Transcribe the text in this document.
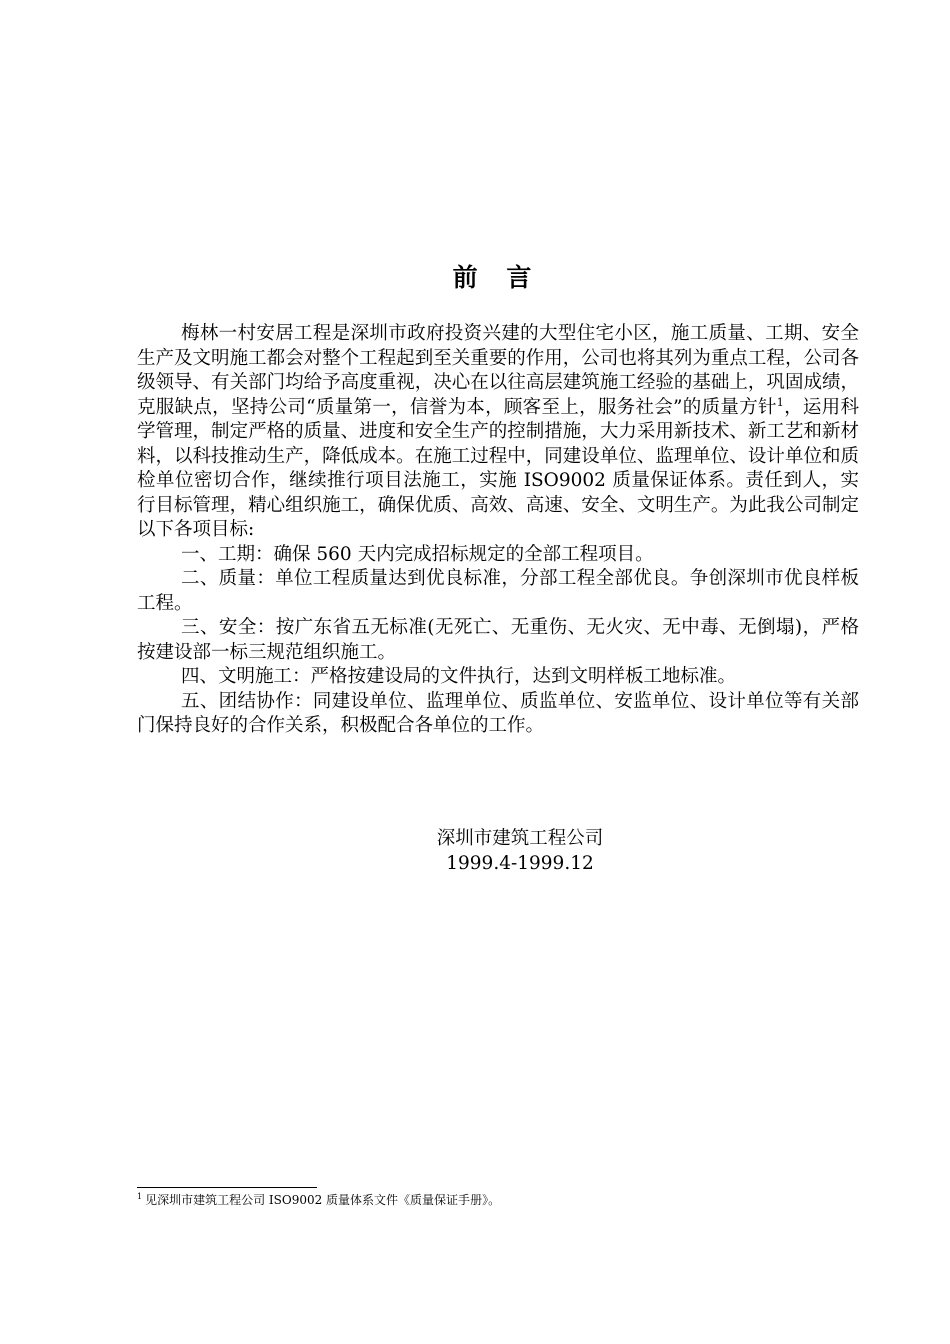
前 言

梅林一村安居工程是深圳市政府投资兴建的大型住宅小区，施工质量、工期、安全生产及文明施工都会对整个工程起到至关重要的作用，公司也将其列为重点工程，公司各级领导、有关部门均给予高度重视，决心在以往高层建筑施工经验的基础上，巩固成绩，克服缺点，坚持公司“质量第一，信誉为本，顾客至上，服务社会”的质量方针$^1$，运用科学管理，制定严格的质量、进度和安全生产的控制措施，大力采用新技术、新工艺和新材料，以科技推动生产，降低成本。在施工过程中，同建设单位、监理单位、设计单位和质检单位密切合作，继续推行项目法施工，实施 ISO9002 质量保证体系。责任到人，实行目标管理，精心组织施工，确保优质、高效、高速、安全、文明生产。为此我公司制定以下各项目标:

一、工期：确保 560 天内完成招标规定的全部工程项目。

二、质量：单位工程质量达到优良标准，分部工程全部优良。争创深圳市优良样板工程。

三、安全：按广东省五无标准(无死亡、无重伤、无火灾、无中毒、无倒塌)，严格按建设部一标三规范组织施工。

四、文明施工：严格按建设局的文件执行，达到文明样板工地标准。

五、团结协作：同建设单位、监理单位、质监单位、安监单位、设计单位等有关部门保持良好的合作关系，积极配合各单位的工作。

深圳市建筑工程公司
1999.4-1999.12
$^1$ 见深圳市建筑工程公司 ISO9002 质量体系文件《质量保证手册》。
